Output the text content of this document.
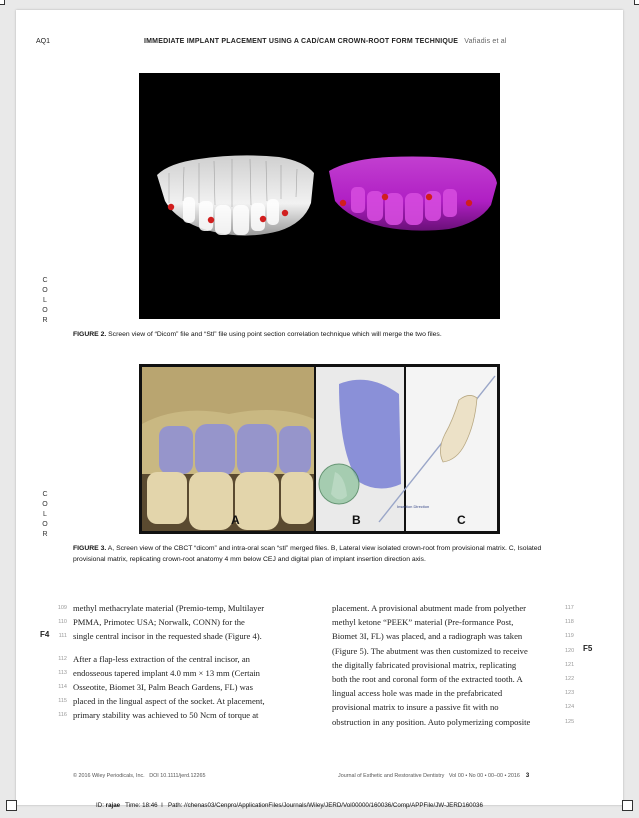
AQ1	IMMEDIATE IMPLANT PLACEMENT USING A CAD/CAM CROWN-ROOT FORM TECHNIQUE Vafiadis et al
C
O
L
O
R
C
O
L
O
R
FIGURE 2. Screen view of “Dicom” file and “Stl” file using point section correlation technique which will merge the two files.
A	B
Insertion Direction
C
FIGURE 3. A, Screen view of the CBCT “dicom” and intra-oral scan “stl” merged files. B, Lateral view isolated crown-root from provisional matrix. C, Isolated provisional matrix, replicating crown-root anatomy 4 mm below CEJ and digital plan of implant insertion direction axis.
109
110
111
112
113
114
115
116
F4

methyl methacrylate material (Premio-temp, Multilayer

PMMA, Primotec USA; Norwalk, CONN) for the

single central incisor in the requested shade (Figure 4).

After a flap-less extraction of the central incisor, an

endosseous tapered implant 4.0 mm × 13 mm (Certain

Osseotite, Biomet 3I, Palm Beach Gardens, FL) was

placed in the lingual aspect of the socket. At placement,

primary stability was achieved to 50 Ncm of torque at

placement. A provisional abutment made from polyether

methyl ketone “PEEK” material (Pre-formance Post,

Biomet 3I, FL) was placed, and a radiograph was taken

(Figure 5). The abutment was then customized to receive

the digitally fabricated provisional matrix, replicating

both the root and coronal form of the extracted tooth. A

lingual access hole was made in the prefabricated

provisional matrix to insure a passive fit with no

obstruction in any position. Auto polymerizing composite

117
118
119
120
121
122
123
124
125
F5
© 2016 Wiley Periodicals, Inc. DOI 10.1111/jerd.12265	Journal of Esthetic and Restorative Dentistry Vol 00 • No 00 • 00–00 • 2016 3
ID: rajae Time: 18:46  I   Path: //chenas03/Cenpro/ApplicationFiles/Journals/Wiley/JERD/Vol00000/160036/Comp/APPFile/JW-JERD160036
